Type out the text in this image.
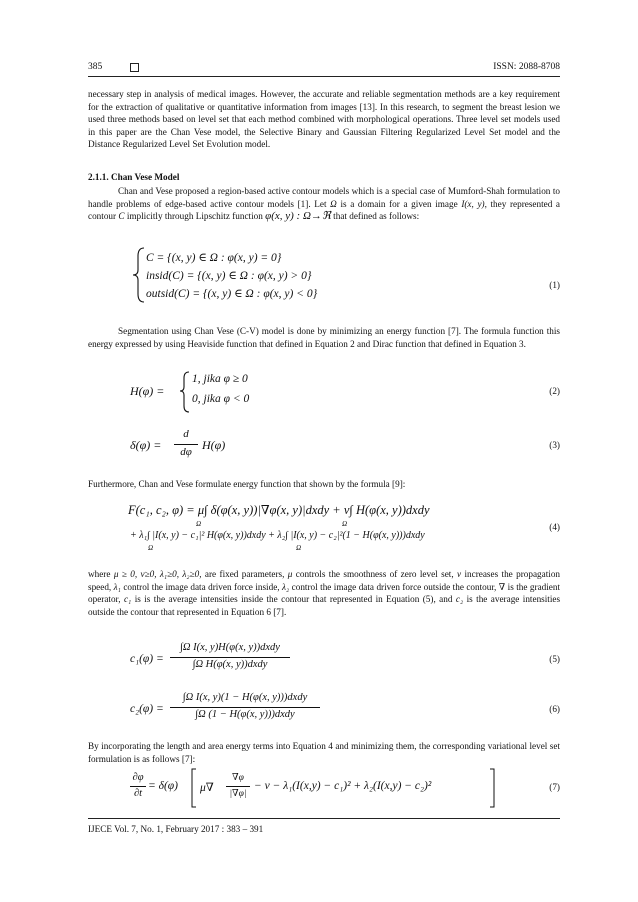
385	ISSN: 2088-8708

necessary step in analysis of medical images. However, the accurate and reliable segmentation methods are a key requirement for the extraction of qualitative or quantitative information from images [13]. In this research, to segment the breast lesion we used three methods based on level set that each method combined with morphological operations. Three level set models used in this paper are the Chan Vese model, the Selective Binary and Gaussian Filtering Regularized Level Set model and the Distance Regularized Level Set Evolution model.

2.1.1. Chan Vese Model

Chan and Vese proposed a region-based active contour models which is a special case of Mumford-Shah formulation to handle problems of edge-based active contour models [1]. Let Ω is a domain for a given image I(x, y), they represented a contour C implicitly through Lipschitz function φ(x, y) : Ω→ℜ that defined as follows:

C = {(x, y) ∈ Ω : φ(x, y) = 0}
insid(C) = {(x, y) ∈ Ω : φ(x, y) > 0}
outsid(C) = {(x, y) ∈ Ω : φ(x, y) < 0}
(1)

Segmentation using Chan Vese (C-V) model is done by minimizing an energy function [7]. The formula function this energy expressed by using Heaviside function that defined in Equation 2 and Dirac function that defined in Equation 3.

H(φ) =
1, jika φ ≥ 0
0, jika φ < 0
(2)
δ(φ) =
d
dφ H(φ)	(3)

Furthermore, Chan and Vese formulate energy function that shown by the formula [9]:

F(c₁, c₂, φ) = μ∫ δ(φ(x, y))|∇φ(x, y)|dxdy + ν∫ H(φ(x, y))dxdy
Ω	Ω
+ λ₁∫ |I(x, y) − c₁|² H(φ(x, y))dxdy + λ₂∫ |I(x, y) − c₂|²(1 − H(φ(x, y)))dxdy
Ω	Ω
(4)

where μ ≥ 0, ν≥0, λ₁≥0, λ₂≥0, are fixed parameters, μ controls the smoothness of zero level set, ν increases the propagation speed, λ₁ control the image data driven force inside, λ₂ control the image data driven force outside the contour, ∇ is the gradient operator, c₁ is is the average intensities inside the contour that represented in Equation (5), and c₂ is the average intensities outside the contour that represented in Equation 6 [7].

c₁(φ) =
∫Ω I(x, y)H(φ(x, y))dxdy
∫Ω H(φ(x, y))dxdy	(5)
c₂(φ) =
∫Ω I(x, y)(1 − H(φ(x, y)))dxdy
∫Ω (1 − H(φ(x, y)))dxdy	(6)

By incorporating the length and area energy terms into Equation 4 and minimizing them, the corresponding variational level set formulation is as follows [7]:

∂φ
∂t
= δ(φ) μ∇
∇φ
|∇φ|
− ν − λ₁(I(x,y) − c₁)² + λ₂(I(x,y) − c₂)²	(7)
IJECE Vol. 7, No. 1, February 2017 : 383 – 391
